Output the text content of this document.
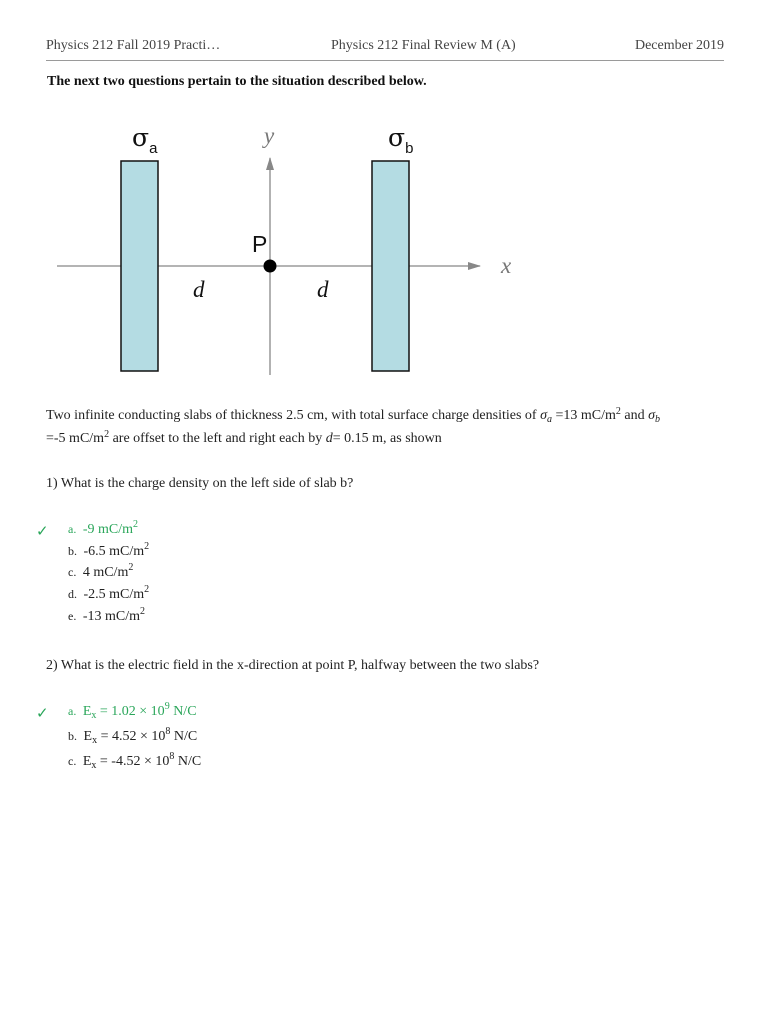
Physics 212 Fall 2019 Practi…	Physics 212 Final Review M (A)	December 2019
The next two questions pertain to the situation described below.
P
$\sigma_a$	$\sigma_b$
y
x
d	d
Two infinite conducting slabs of thickness 2.5 cm, with total surface charge densities of $\sigma_a =13$ $mC/m^2$ and $\sigma_b$
=-5 $mC/m^2$ are offset to the left and right each by d= 0.15 m, as shown
1) What is the charge density on the left side of slab b?
✓ a. -9 $mC/m^2$
b. -6.5 $mC/m^2$
c. 4 $mC/m^2$
d. -2.5 $mC/m^2$
e. -13 $mC/m^2$
2) What is the electric field in the x-direction at point P, halfway between the two slabs?
✓ a. $E_x = 1.02 \times 10^9$ N/C
b. $E_x = 4.52 \times 10^8$ N/C
c. $E_x = -4.52 \times 10^8$ N/C
